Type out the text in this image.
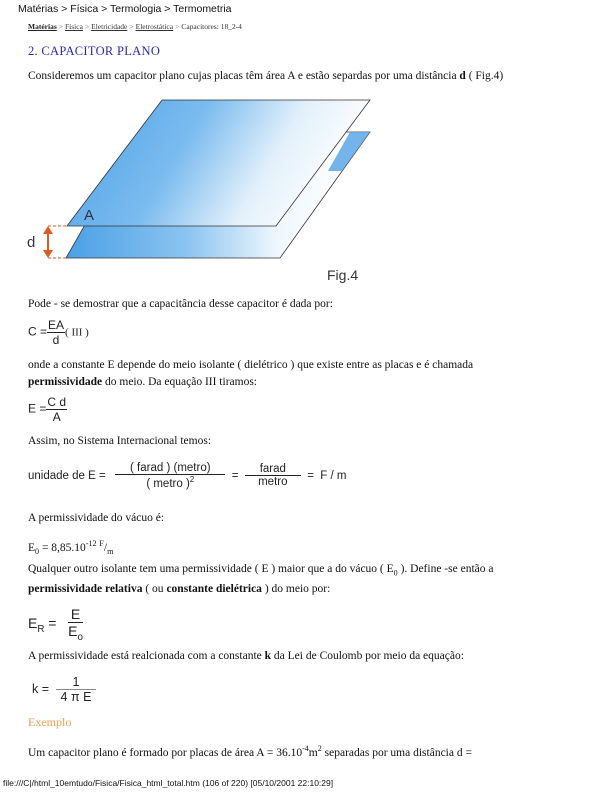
Matérias > Física > Termologia > Termometria
Matérias > Física > Eletricidade > Eletrostática > Capacitores: 18_2-4
2. CAPACITOR PLANO
Consideremos um capacitor plano cujas placas têm área A e estão separdas por uma distância d ( Fig.4)
A
d
Fig.4
Pode - se demostrar que a capacitância desse capacitor é dada por:
$C = \frac{EA}{d}$ ( III )
onde a constante E depende do meio isolante ( dielétrico ) que existe entre as placas e é chamada
permissividade do meio. Da equação III tiramos:
$E = \frac{\text{C d}}{A}$
Assim, no Sistema Internacional temos:
unidade de $E = \frac{\text{( farad ) (metro)}}{( metro )^2} = \frac{\text{farad}}{\text{metro}} = F / m$
A permissividade do vácuo é:
$E_0 = 8,85.10^{-12}$ $^F/_m$
Qualquer outro isolante tem uma permissividade ( E ) maior que a do vácuo ( $E_0$ ). Define -se então a
permissividade relativa ( ou constante dielétrica ) do meio por:
$E_R = \frac{E}{E_o}$
A permissividade está realcionada com a constante k da Lei de Coulomb por meio da equação:
$k = \frac{1}{\text{4 π E}}$
Exemplo
Um capacitor plano é formado por placas de área $A = 36.10^{-4}m^2$ separadas por uma distância d =
file:///C|/html_10emtudo/Fisica/Fisica_html_total.htm (106 of 220) [05/10/2001 22:10:29]
